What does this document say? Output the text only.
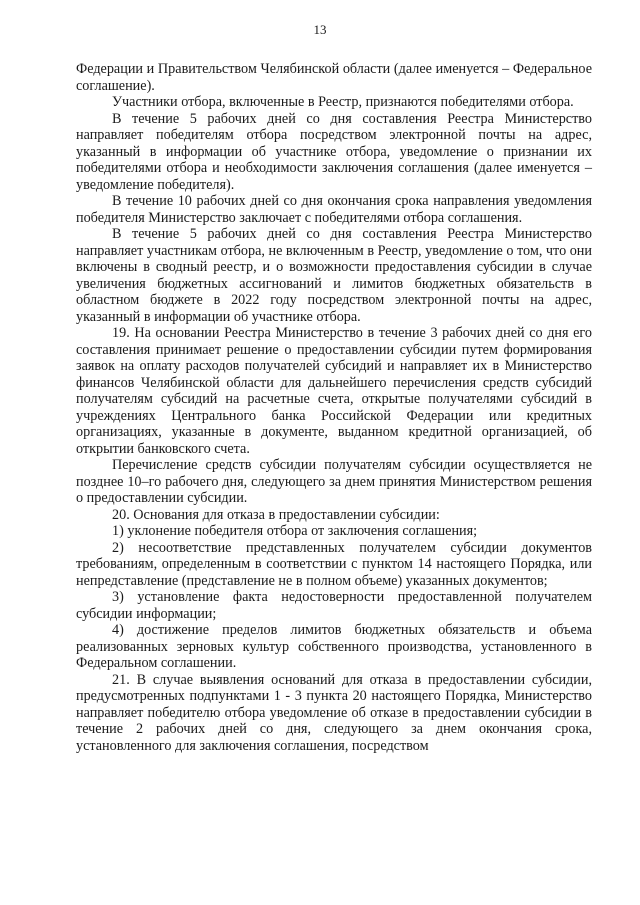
13

Федерации и Правительством Челябинской области (далее именуется – Федеральное соглашение).

Участники отбора, включенные в Реестр, признаются победителями отбора.

В течение 5 рабочих дней со дня составления Реестра Министерство направляет победителям отбора посредством электронной почты на адрес, указанный в информации об участнике отбора, уведомление о признании их победителями отбора и необходимости заключения соглашения (далее именуется – уведомление победителя).

В течение 10 рабочих дней со дня окончания срока направления уведомления победителя Министерство заключает с победителями отбора соглашения.

В течение 5 рабочих дней со дня составления Реестра Министерство направляет участникам отбора, не включенным в Реестр, уведомление о том, что они включены в сводный реестр, и о возможности предоставления субсидии в случае увеличения бюджетных ассигнований и лимитов бюджетных обязательств в областном бюджете в 2022 году посредством электронной почты на адрес, указанный в информации об участнике отбора.

19. На основании Реестра Министерство в течение 3 рабочих дней со дня его составления принимает решение о предоставлении субсидии путем формирования заявок на оплату расходов получателей субсидий и направляет их в Министерство финансов Челябинской области для дальнейшего перечисления средств субсидий получателям субсидий на расчетные счета, открытые получателями субсидий в учреждениях Центрального банка Российской Федерации или кредитных организациях, указанные в документе, выданном кредитной организацией, об открытии банковского счета.

Перечисление средств субсидии получателям субсидии осуществляется не позднее 10–го рабочего дня, следующего за днем принятия Министерством решения о предоставлении субсидии.

20. Основания для отказа в предоставлении субсидии:

1) уклонение победителя отбора от заключения соглашения;

2) несоответствие представленных получателем субсидии документов требованиям, определенным в соответствии с пунктом 14 настоящего Порядка, или непредставление (представление не в полном объеме) указанных документов;

3) установление факта недостоверности предоставленной получателем субсидии информации;

4) достижение пределов лимитов бюджетных обязательств и объема реализованных зерновых культур собственного производства, установленного в Федеральном соглашении.

21. В случае выявления оснований для отказа в предоставлении субсидии, предусмотренных подпунктами 1 - 3 пункта 20 настоящего Порядка, Министерство направляет победителю отбора уведомление об отказе в предоставлении субсидии в течение 2 рабочих дней со дня, следующего за днем окончания срока, установленного для заключения соглашения, посредством
